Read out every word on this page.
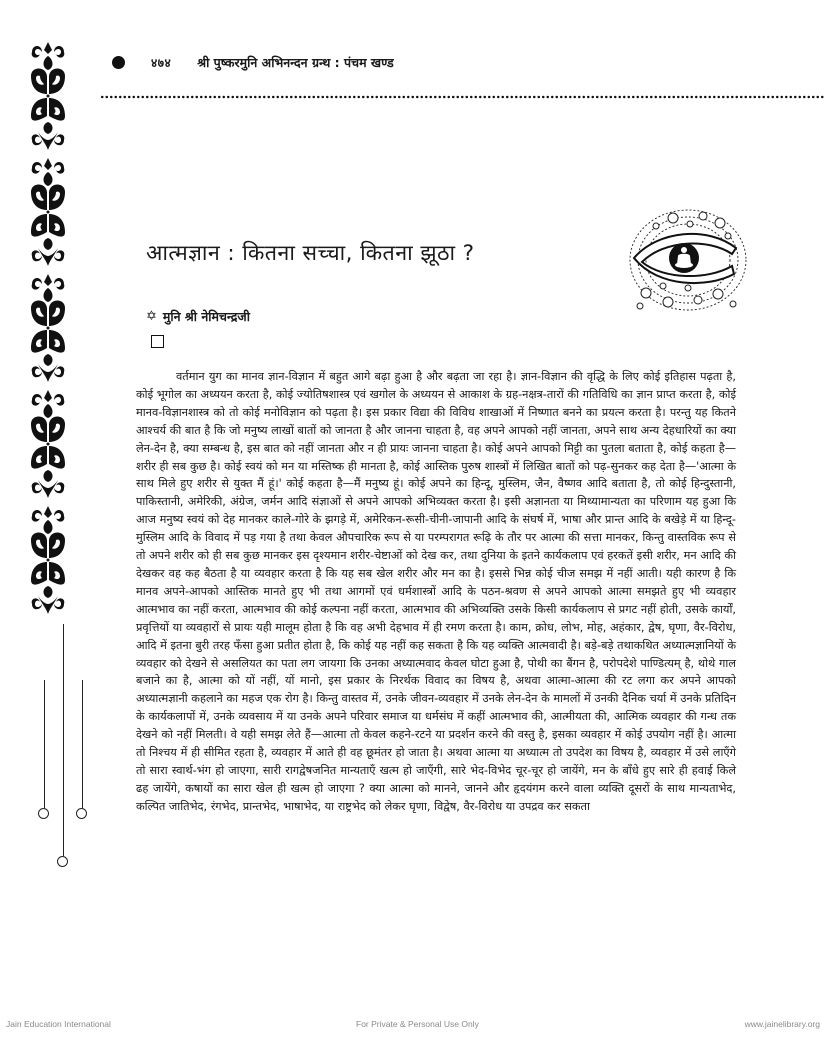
४७४ श्री पुष्करमुनि अभिनन्दन ग्रन्थ : पंचम खण्ड
आत्मज्ञान : कितना सच्चा, कितना झूठा ?
✡ मुनि श्री नेमिचन्द्रजी

वर्तमान युग का मानव ज्ञान-विज्ञान में बहुत आगे बढ़ा हुआ है और बढ़ता जा रहा है। ज्ञान-विज्ञान की वृद्धि के लिए कोई इतिहास पढ़ता है, कोई भूगोल का अध्ययन करता है, कोई ज्योतिषशास्त्र एवं खगोल के अध्ययन से आकाश के ग्रह-नक्षत्र-तारों की गतिविधि का ज्ञान प्राप्त करता है, कोई मानव-विज्ञानशास्त्र को तो कोई मनोविज्ञान को पढ़ता है। इस प्रकार विद्या की विविध शाखाओं में निष्णात बनने का प्रयत्न करता है। परन्तु यह कितने आश्चर्य की बात है कि जो मनुष्य लाखों बातों को जानता है और जानना चाहता है, वह अपने आपको नहीं जानता, अपने साथ अन्य देहधारियों का क्या लेन-देन है, क्या सम्बन्ध है, इस बात को नहीं जानता और न ही प्रायः जानना चाहता है। कोई अपने आपको मिट्टी का पुतला बताता है, कोई कहता है—शरीर ही सब कुछ है। कोई स्वयं को मन या मस्तिष्क ही मानता है, कोई आस्तिक पुरुष शास्त्रों में लिखित बातों को पढ़-सुनकर कह देता है—'आत्मा के साथ मिले हुए शरीर से युक्त मैं हूं।' कोई कहता है—मैं मनुष्य हूं। कोई अपने का हिन्दू, मुस्लिम, जैन, वैष्णव आदि बताता है, तो कोई हिन्दुस्तानी, पाकिस्तानी, अमेरिकी, अंग्रेज, जर्मन आदि संज्ञाओं से अपने आपको अभिव्यक्त करता है। इसी अज्ञानता या मिथ्यामान्यता का परिणाम यह हुआ कि आज मनुष्य स्वयं को देह मानकर काले-गोरे के झगड़े में, अमेरिकन-रूसी-चीनी-जापानी आदि के संघर्ष में, भाषा और प्रान्त आदि के बखेड़े में या हिन्दू-मुस्लिम आदि के विवाद में पड़ गया है तथा केवल औपचारिक रूप से या परम्परागत रूढ़ि के तौर पर आत्मा की सत्ता मानकर, किन्तु वास्तविक रूप से तो अपने शरीर को ही सब कुछ मानकर इस दृश्यमान शरीर-चेष्टाओं को देख कर, तथा दुनिया के इतने कार्यकलाप एवं हरकतें इसी शरीर, मन आदि की देखकर वह कह बैठता है या व्यवहार करता है कि यह सब खेल शरीर और मन का है। इससे भिन्न कोई चीज समझ में नहीं आती। यही कारण है कि मानव अपने-आपको आस्तिक मानते हुए भी तथा आगमों एवं धर्मशास्त्रों आदि के पठन-श्रवण से अपने आपको आत्मा समझते हुए भी व्यवहार आत्मभाव का नहीं करता, आत्मभाव की कोई कल्पना नहीं करता, आत्मभाव की अभिव्यक्ति उसके किसी कार्यकलाप से प्रगट नहीं होती, उसके कार्यों, प्रवृत्तियों या व्यवहारों से प्रायः यही मालूम होता है कि वह अभी देहभाव में ही रमण करता है। काम, क्रोध, लोभ, मोह, अहंकार, द्वेष, घृणा, वैर-विरोध, आदि में इतना बुरी तरह फँसा हुआ प्रतीत होता है, कि कोई यह नहीं कह सकता है कि यह व्यक्ति आत्मवादी है। बड़े-बड़े तथाकथित अध्यात्मज्ञानियों के व्यवहार को देखने से असलियत का पता लग जायगा कि उनका अध्यात्मवाद केवल घोटा हुआ है, पोथी का बैंगन है, परोपदेशे पाण्डित्यम् है, थोथे गाल बजाने का है, आत्मा को यों नहीं, यों मानो, इस प्रकार के निरर्थक विवाद का विषय है, अथवा आत्मा-आत्मा की रट लगा कर अपने आपको अध्यात्मज्ञानी कहलाने का महज एक रोग है। किन्तु वास्तव में, उनके जीवन-व्यवहार में उनके लेन-देन के मामलों में उनकी दैनिक चर्या में उनके प्रतिदिन के कार्यकलापों में, उनके व्यवसाय में या उनके अपने परिवार समाज या धर्मसंघ में कहीं आत्मभाव की, आत्मीयता की, आत्मिक व्यवहार की गन्ध तक देखने को नहीं मिलती। वे यही समझ लेते हैं—आत्मा तो केवल कहने-रटने या प्रदर्शन करने की वस्तु है, इसका व्यवहार में कोई उपयोग नहीं है। आत्मा तो निश्चय में ही सीमित रहता है, व्यवहार में आते ही वह छूमंतर हो जाता है। अथवा आत्मा या अध्यात्म तो उपदेश का विषय है, व्यवहार में उसे लाएँगे तो सारा स्वार्थ-भंग हो जाएगा, सारी रागद्वेषजनित मान्यताएँ खत्म हो जाएँगी, सारे भेद-विभेद चूर-चूर हो जायेंगे, मन के बाँधे हुए सारे ही हवाई किले ढह जायेंगे, कषायों का सारा खेल ही खत्म हो जाएगा ? क्या आत्मा को मानने, जानने और हृदयंगम करने वाला व्यक्ति दूसरों के साथ मान्यताभेद, कल्पित जातिभेद, रंगभेद, प्रान्तभेद, भाषाभेद, या राष्ट्रभेद को लेकर घृणा, विद्वेष, वैर-विरोध या उपद्रव कर सकता

Jain Education International	For Private & Personal Use Only	www.jainelibrary.org
